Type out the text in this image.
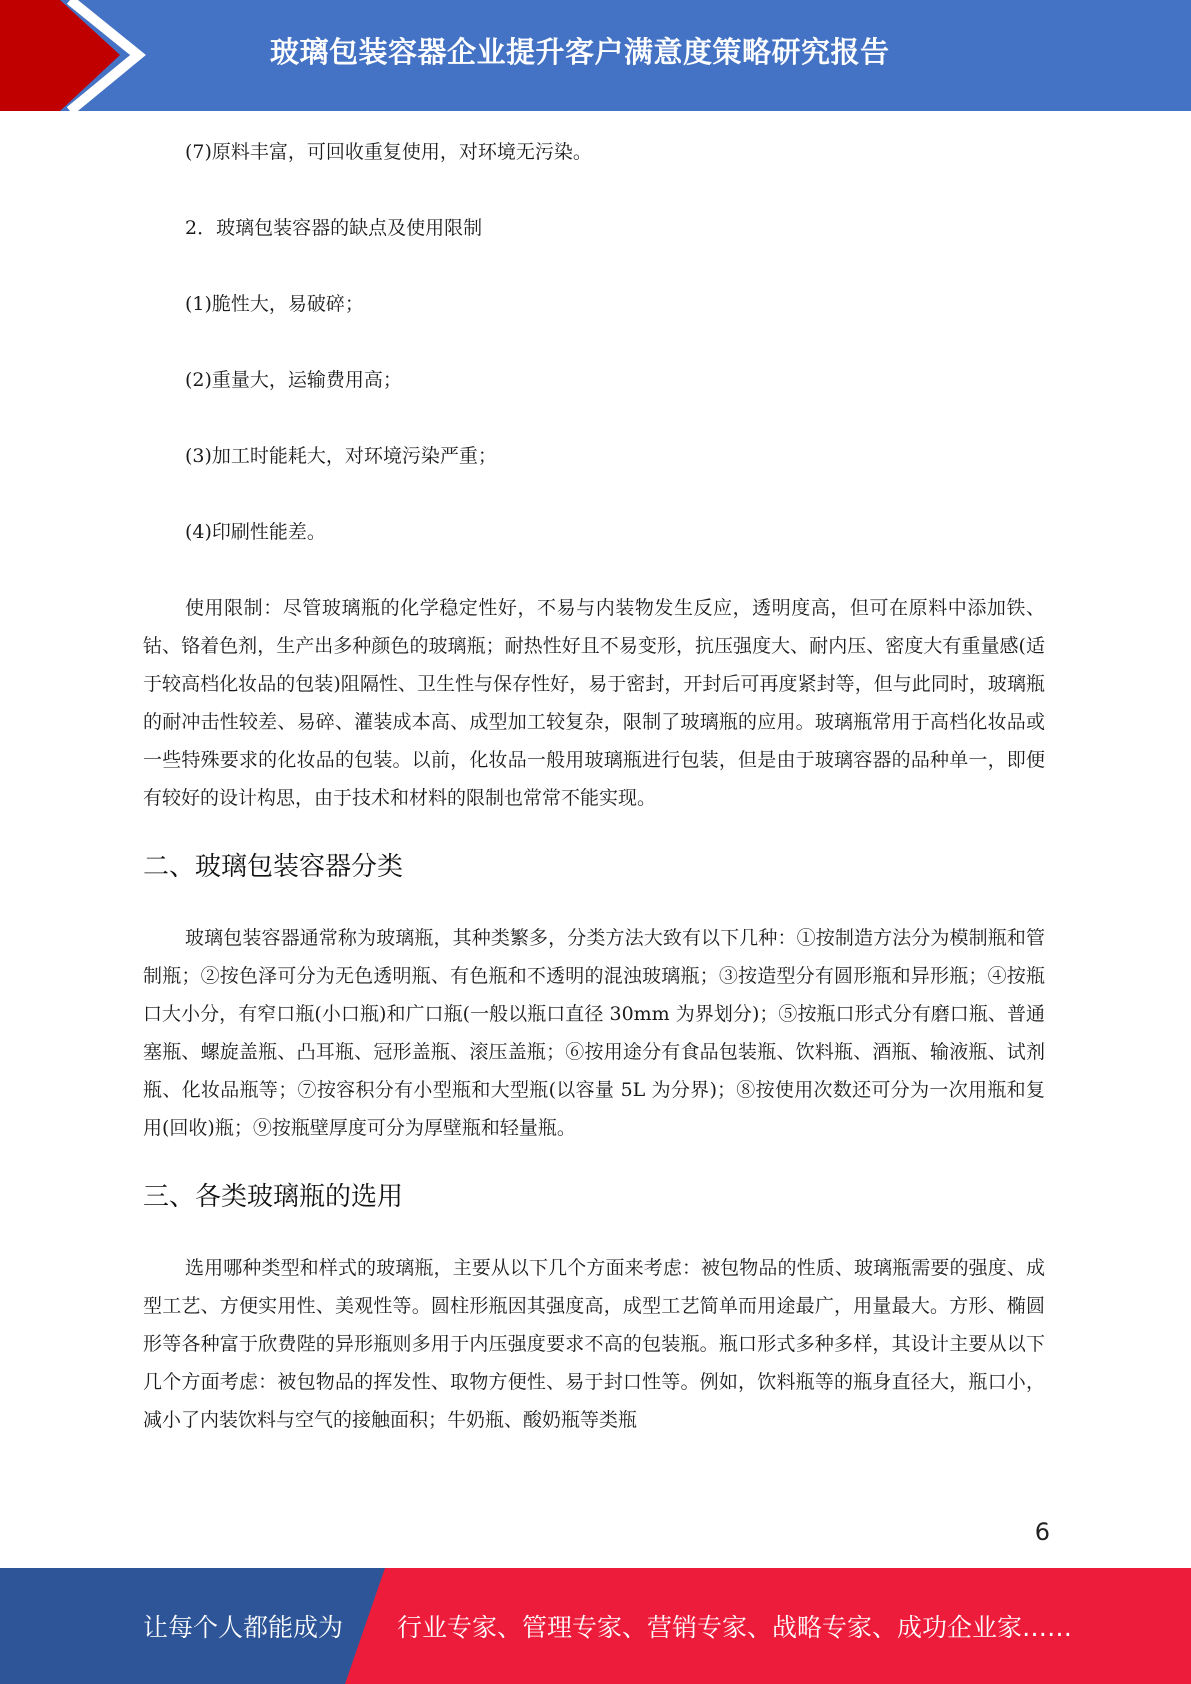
玻璃包装容器企业提升客户满意度策略研究报告

(7)原料丰富，可回收重复使用，对环境无污染。

2．玻璃包装容器的缺点及使用限制

(1)脆性大，易破碎；

(2)重量大，运输费用高；

(3)加工时能耗大，对环境污染严重；

(4)印刷性能差。

使用限制：尽管玻璃瓶的化学稳定性好，不易与内装物发生反应，透明度高，但可在原料中添加铁、钴、铬着色剂，生产出多种颜色的玻璃瓶；耐热性好且不易变形，抗压强度大、耐内压、密度大有重量感(适于较高档化妆品的包装)阻隔性、卫生性与保存性好，易于密封，开封后可再度紧封等，但与此同时，玻璃瓶的耐冲击性较差、易碎、灌装成本高、成型加工较复杂，限制了玻璃瓶的应用。玻璃瓶常用于高档化妆品或一些特殊要求的化妆品的包装。以前，化妆品一般用玻璃瓶进行包装，但是由于玻璃容器的品种单一，即便有较好的设计构思，由于技术和材料的限制也常常不能实现。

二、玻璃包装容器分类

玻璃包装容器通常称为玻璃瓶，其种类繁多，分类方法大致有以下几种：①按制造方法分为模制瓶和管制瓶；②按色泽可分为无色透明瓶、有色瓶和不透明的混浊玻璃瓶；③按造型分有圆形瓶和异形瓶；④按瓶口大小分，有窄口瓶(小口瓶)和广口瓶(一般以瓶口直径 30mm 为界划分)；⑤按瓶口形式分有磨口瓶、普通塞瓶、螺旋盖瓶、凸耳瓶、冠形盖瓶、滚压盖瓶；⑥按用途分有食品包装瓶、饮料瓶、酒瓶、输液瓶、试剂瓶、化妆品瓶等；⑦按容积分有小型瓶和大型瓶(以容量 5L 为分界)；⑧按使用次数还可分为一次用瓶和复用(回收)瓶；⑨按瓶壁厚度可分为厚壁瓶和轻量瓶。

三、各类玻璃瓶的选用

选用哪种类型和样式的玻璃瓶，主要从以下几个方面来考虑：被包物品的性质、玻璃瓶需要的强度、成型工艺、方便实用性、美观性等。圆柱形瓶因其强度高，成型工艺简单而用途最广，用量最大。方形、椭圆形等各种富于欣费陛的异形瓶则多用于内压强度要求不高的包装瓶。瓶口形式多种多样，其设计主要从以下几个方面考虑：被包物品的挥发性、取物方便性、易于封口性等。例如，饮料瓶等的瓶身直径大，瓶口小，减小了内装饮料与空气的接触面积；牛奶瓶、酸奶瓶等类瓶

6
让每个人都能成为 行业专家、管理专家、营销专家、战略专家、成功企业家……
